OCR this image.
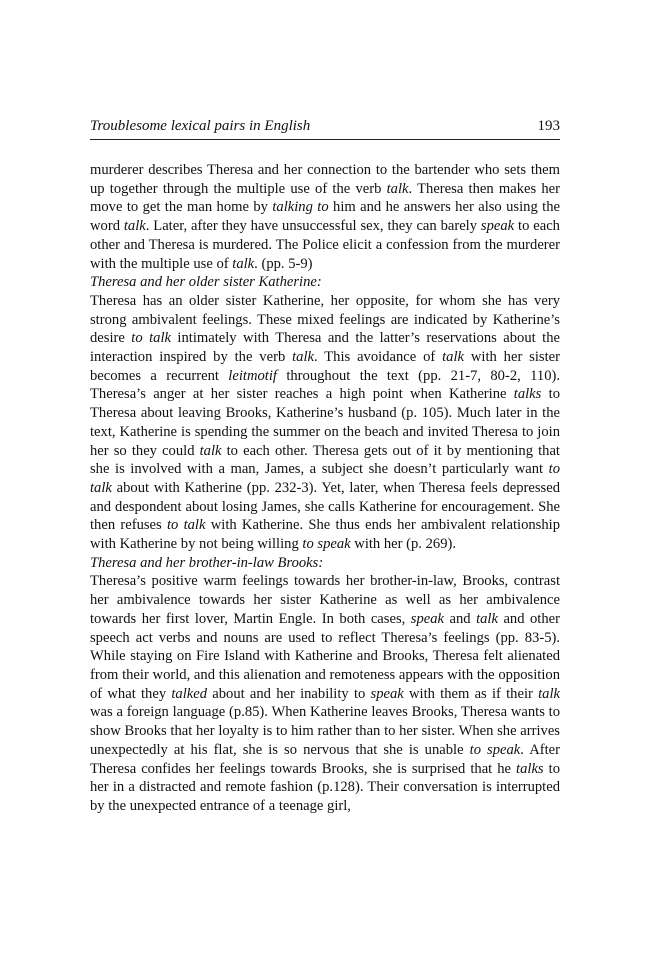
Troublesome lexical pairs in English	193

murderer describes Theresa and her connection to the bartender who sets them up together through the multiple use of the verb talk. Theresa then makes her move to get the man home by talking to him and he answers her also using the word talk. Later, after they have unsuccessful sex, they can barely speak to each other and Theresa is murdered. The Police elicit a confession from the murderer with the multiple use of talk. (pp. 5-9)

Theresa and her older sister Katherine:

Theresa has an older sister Katherine, her opposite, for whom she has very strong ambivalent feelings. These mixed feelings are indicated by Katherine’s desire to talk intimately with Theresa and the latter’s reservations about the interaction inspired by the verb talk. This avoidance of talk with her sister becomes a recurrent leitmotif throughout the text (pp. 21-7, 80-2, 110). Theresa’s anger at her sister reaches a high point when Katherine talks to Theresa about leaving Brooks, Katherine’s husband (p. 105). Much later in the text, Katherine is spending the summer on the beach and invited Theresa to join her so they could talk to each other. Theresa gets out of it by mentioning that she is involved with a man, James, a subject she doesn’t particularly want to talk about with Katherine (pp. 232-3). Yet, later, when Theresa feels depressed and despondent about losing James, she calls Katherine for encouragement. She then refuses to talk with Katherine. She thus ends her ambivalent relationship with Katherine by not being willing to speak with her (p. 269).

Theresa and her brother-in-law Brooks:

Theresa’s positive warm feelings towards her brother-in-law, Brooks, contrast her ambivalence towards her sister Katherine as well as her ambivalence towards her first lover, Martin Engle. In both cases, speak and talk and other speech act verbs and nouns are used to reflect Theresa’s feelings (pp. 83-5). While staying on Fire Island with Katherine and Brooks, Theresa felt alienated from their world, and this alienation and remoteness appears with the opposition of what they talked about and her inability to speak with them as if their talk was a foreign language (p.85). When Katherine leaves Brooks, Theresa wants to show Brooks that her loyalty is to him rather than to her sister. When she arrives unexpectedly at his flat, she is so nervous that she is unable to speak. After Theresa confides her feelings towards Brooks, she is surprised that he talks to her in a distracted and remote fashion (p.128). Their conversation is interrupted by the unexpected entrance of a teenage girl,
